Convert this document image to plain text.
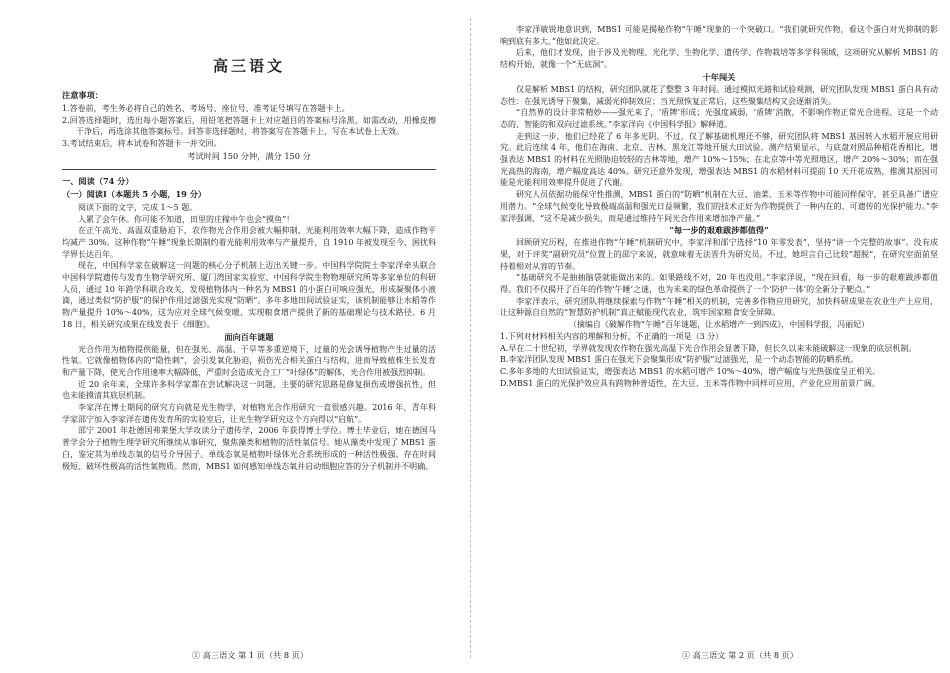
高三语文
注意事项：
1.答卷前，考生务必将自己的姓名、考场号、座位号、准考证号填写在答题卡上。
2.回答选择题时，选出每小题答案后，用铅笔把答题卡上对应题目的答案标号涂黑，如需改动，用橡皮擦干净后，再选涂其他答案标号。回答非选择题时，将答案写在答题卡上，写在本试卷上无效。
3.考试结束后，将本试卷和答题卡一并交回。
考试时间 150 分钟，满分 150 分
一、阅读（74 分）
（一）阅读Ⅰ（本题共 5 小题，19 分）
阅读下面的文字，完成 1～5 题。
人累了会午休。你可能不知道，田里的庄稼中午也会“摸鱼”！
在正午高光、高温双重胁迫下，农作物光合作用会被大幅抑制，光能利用效率大幅下降，造成作物平均减产 30%。这种作物“午睡”现象长期制约着光能利用效率与产量提升，自 1910 年被发现至今，困扰科学界长达百年。
现在，中国科学家在破解这一问题的核心分子机制上迈出关键一步。中国科学院院士李家洋牵头联合中国科学院遗传与发育生物学研究所、厦门湾国家实验室、中国科学院生物物理研究所等多家单位的科研人员，通过 10 年跨学科联合攻关，发现植物体内一种名为 MBS1 的小蛋白可响应强光，形成凝聚体小液滴，通过类似“防护服”的保护作用过滤强光实现“防晒”。多年多地田间试验证实，该机制能够让水稻等作物产量提升 10%～40%，这为应对全球气候变暖、实现粮食增产提供了新的基础理论与技术路径。6 月 18 日，相关研究成果在线发表于《细胞》。
面向百年谜题
光合作用为植物提供能量，但在强光、高温、干旱等多重逆境下，过量的光会诱导植物产生过量的活性氧。它就像植物体内的“隐性刺”，会引发氧化胁迫，损伤光合相关蛋白与结构，进而导致植株生长发育和产量下降，使光合作用速率大幅降低，严重时会造成光合工厂“叶绿体”的解体，光合作用被强烈抑制。
近 20 余年来，全球许多科学家都在尝试解决这一问题，主要的研究思路是修复损伤或增强抗性，但也未能摸清其底层机制。
李家洋在博士期间的研究方向就是光生物学，对植物光合作用研究一直很感兴趣。2016 年，青年科学家邵宁加入李家洋在遗传发育所的实验室后，让光生物学研究这个方向得以“启航”。
邵宁 2001 年赴德国弗莱堡大学攻读分子遗传学，2006 年获得博士学位。博士毕业后，她在德国马普学会分子植物生理学研究所继续从事研究，聚焦藻类和植物的活性氧信号。她从藻类中发现了 MBS1 蛋白，鉴定其为单线态氧的信号介导因子。单线态氧是植物叶绿体光合系统形成的一种活性极强、存在时间极短、破坏性极高的活性氧物质。然而，MBS1 如何感知单线态氧并启动细胞应答的分子机制并不明确。
李家洋敏锐地意识到，MBS1 可能是揭秘作物“午睡”现象的一个突破口。“我们就研究作物，看这个蛋白对光抑制的影响到底有多大。”他如此决定。
后来，他们才发现，由于涉及光物理、光化学、生物化学、遗传学、作物栽培等多学科领域，这项研究从解析 MBS1 的结构开始，就像一个“无底洞”。
十年闯关
仅是解析 MBS1 的结构，研究团队就花了整整 3 年时间。通过模拟光路和试验观测，研究团队发现 MBS1 蛋白具有动态性：在强光诱导下聚集，减弱光抑制效应；当光照恢复正常后，这些聚集结构又会逐渐消失。
“自然界的设计非常精妙——强光来了，‘盾牌’形成；光强度减弱，‘盾牌’消散，不影响作物正常光合进程。这是一个动态的、智能的和双向过滤系统。”李家洋向《中国科学报》解释道。
走到这一步，他们已经花了 6 年多光阴。不过，仅了解基础机理还不够，研究团队将 MBS1 基因转入水稻开展应用研究。此后连续 4 年，他们在海南、北京、吉林、黑龙江等地开展大田试验。测产结果显示，与底盘对照品种稻花香相比，增强表达 MBS1 的材料在光照胁迫较轻的吉林等地，增产 10%～15%；在北京等中等光照地区，增产 20%～30%；而在强光高热的海南，增产幅度高达 40%。研究还意外发现，增强表达 MBS1 的水稻材料可提前 10 天开花成熟，推测其原因可能是光能利用效率提升促进了代谢。
研究人员依据功能保守性推测，MBS1 蛋白的“防晒”机制在大豆、油菜、玉米等作物中可能同样保守，甚至具备广谱应用潜力。“全球气候变化导致极端高温和强光日益频繁，我们的技术正好为作物提供了一种内在的、可遗传的光保护能力。”李家洋强调，“这不是减少损失，而是通过维持午间光合作用来增加净产量。”
“每一步的艰难跋涉都值得”
回顾研究历程，在推进作物“午睡”机制研究中，李家洋和邵宁选择“10 年零发表”，坚持“讲一个完整的故事”。没有成果，对于评奖“副研究员”位置上的邵宁来说，就意味着无法晋升为研究员。不过，她坦言自己比较“超脱”，在研究室面前坚持着相对从容的节奏。
“基础研究不是抽抽脑袋就能做出来的。如果路线不对，20 年也没用。”李家洋说，“现在回看，每一步的艰难跋涉都值得。我们不仅揭开了百年的作物‘午睡’之谜，也为未来的绿色革命提供了一个‘防护一体’的全新分子靶点。”
李家洋表示，研究团队将继续探索与作物“午睡”相关的机制，完善多作物应用研究，加快科研成果在农业生产上应用，让这种源自自然的“智慧防护机制”真正赋能现代农业，筑牢国家粮食安全屏障。
（摘编自《破解作物“午睡”百年谜题，让水稻增产一到四成》，中国科学报，冯丽妃）
1.下列对材料相关内容的理解和分析，不正确的一项是（3 分）
A.早在二十世纪初，学界就发现农作物在强光高温下光合作用会显著下降，但长久以来未能破解这一现象的底层机制。
B.李家洋团队发现 MBS1 蛋白在强光下会聚集形成“防护服”过滤强光，是一个动态智能的防晒系统。
C.多年多地的大田试验证实，增强表达 MBS1 的水稻可增产 10%～40%，增产幅度与光热强度呈正相关。
D.MBS1 蛋白的光保护效应具有跨物种普适性，在大豆、玉米等作物中同样可应用，产业化应用前景广阔。
① 高三语文 第 1 页（共 8 页）	① 高三语文 第 2 页（共 8 页）
